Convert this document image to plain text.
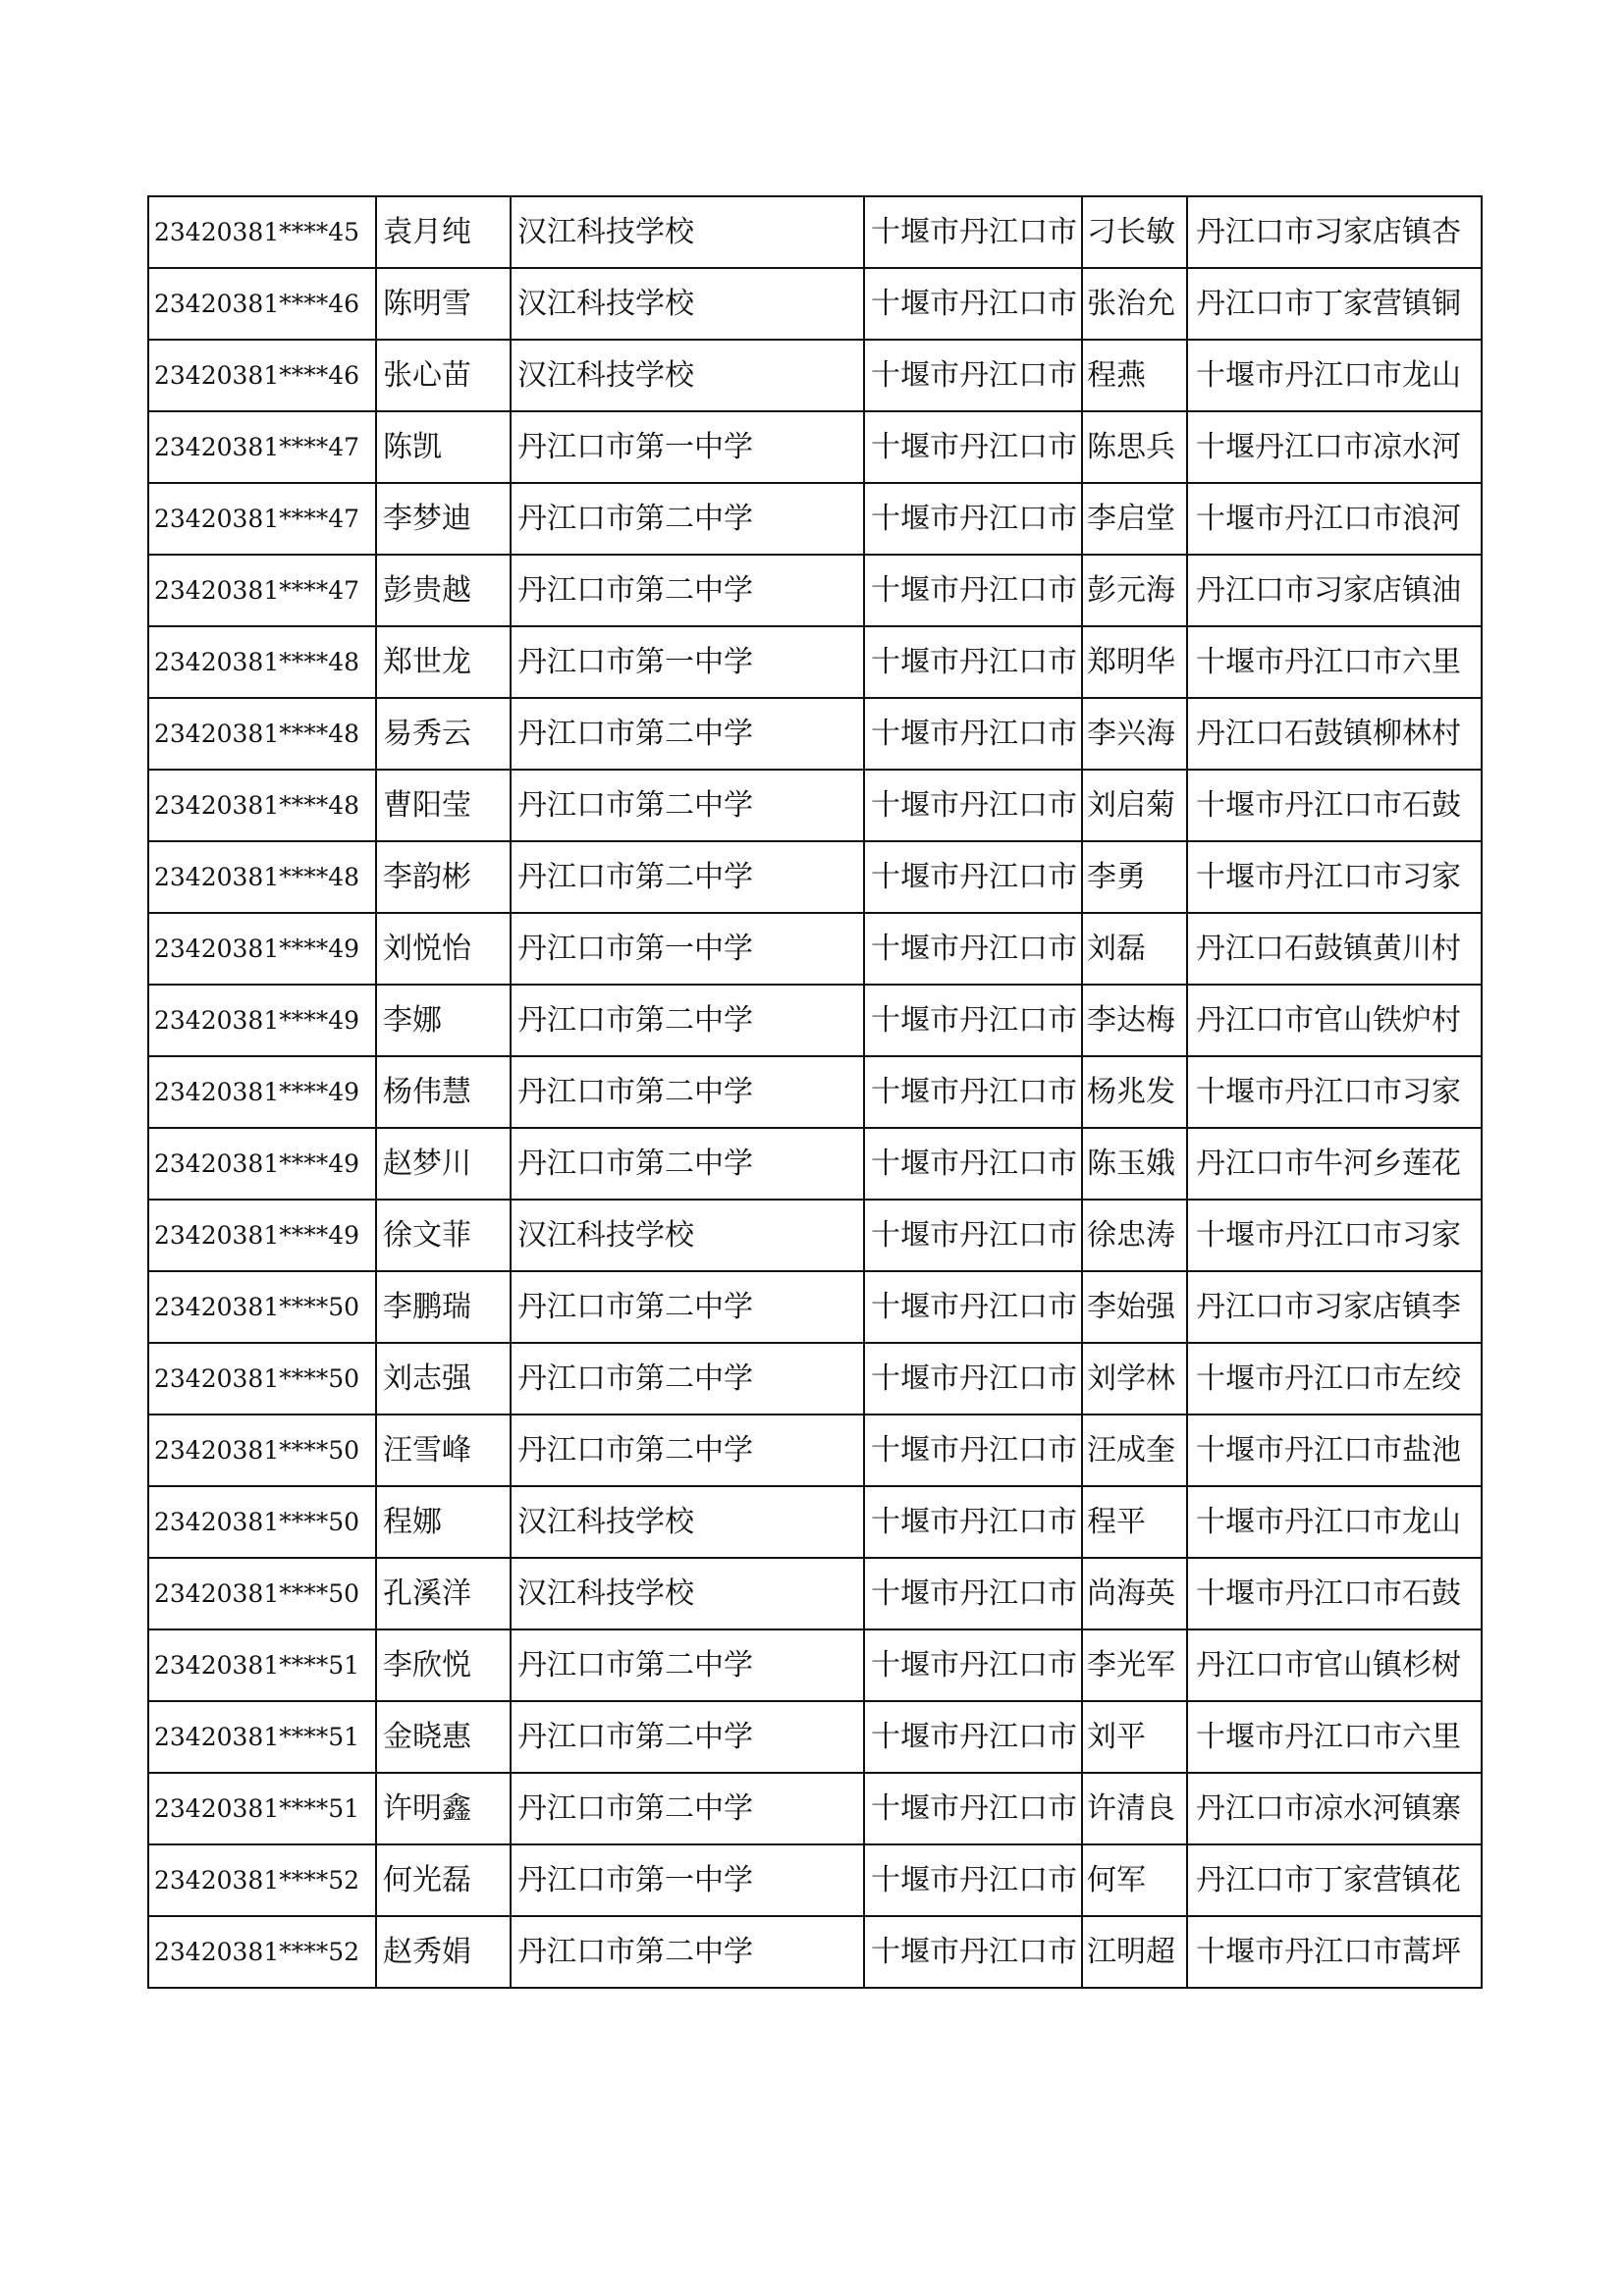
23420381****45	袁月纯	汉江科技学校	十堰市丹江口市	刁长敏	丹江口市习家店镇杏
23420381****46	陈明雪	汉江科技学校	十堰市丹江口市	张治允	丹江口市丁家营镇铜
23420381****46	张心苗	汉江科技学校	十堰市丹江口市	程燕	十堰市丹江口市龙山
23420381****47	陈凯	丹江口市第一中学	十堰市丹江口市	陈思兵	十堰丹江口市凉水河
23420381****47	李梦迪	丹江口市第二中学	十堰市丹江口市	李启堂	十堰市丹江口市浪河
23420381****47	彭贵越	丹江口市第二中学	十堰市丹江口市	彭元海	丹江口市习家店镇油
23420381****48	郑世龙	丹江口市第一中学	十堰市丹江口市	郑明华	十堰市丹江口市六里
23420381****48	易秀云	丹江口市第二中学	十堰市丹江口市	李兴海	丹江口石鼓镇柳林村
23420381****48	曹阳莹	丹江口市第二中学	十堰市丹江口市	刘启菊	十堰市丹江口市石鼓
23420381****48	李韵彬	丹江口市第二中学	十堰市丹江口市	李勇	十堰市丹江口市习家
23420381****49	刘悦怡	丹江口市第一中学	十堰市丹江口市	刘磊	丹江口石鼓镇黄川村
23420381****49	李娜	丹江口市第二中学	十堰市丹江口市	李达梅	丹江口市官山铁炉村
23420381****49	杨伟慧	丹江口市第二中学	十堰市丹江口市	杨兆发	十堰市丹江口市习家
23420381****49	赵梦川	丹江口市第二中学	十堰市丹江口市	陈玉娥	丹江口市牛河乡莲花
23420381****49	徐文菲	汉江科技学校	十堰市丹江口市	徐忠涛	十堰市丹江口市习家
23420381****50	李鹏瑞	丹江口市第二中学	十堰市丹江口市	李始强	丹江口市习家店镇李
23420381****50	刘志强	丹江口市第二中学	十堰市丹江口市	刘学林	十堰市丹江口市左绞
23420381****50	汪雪峰	丹江口市第二中学	十堰市丹江口市	汪成奎	十堰市丹江口市盐池
23420381****50	程娜	汉江科技学校	十堰市丹江口市	程平	十堰市丹江口市龙山
23420381****50	孔溪洋	汉江科技学校	十堰市丹江口市	尚海英	十堰市丹江口市石鼓
23420381****51	李欣悦	丹江口市第二中学	十堰市丹江口市	李光军	丹江口市官山镇杉树
23420381****51	金晓惠	丹江口市第二中学	十堰市丹江口市	刘平	十堰市丹江口市六里
23420381****51	许明鑫	丹江口市第二中学	十堰市丹江口市	许清良	丹江口市凉水河镇寨
23420381****52	何光磊	丹江口市第一中学	十堰市丹江口市	何军	丹江口市丁家营镇花
23420381****52	赵秀娟	丹江口市第二中学	十堰市丹江口市	江明超	十堰市丹江口市蒿坪
